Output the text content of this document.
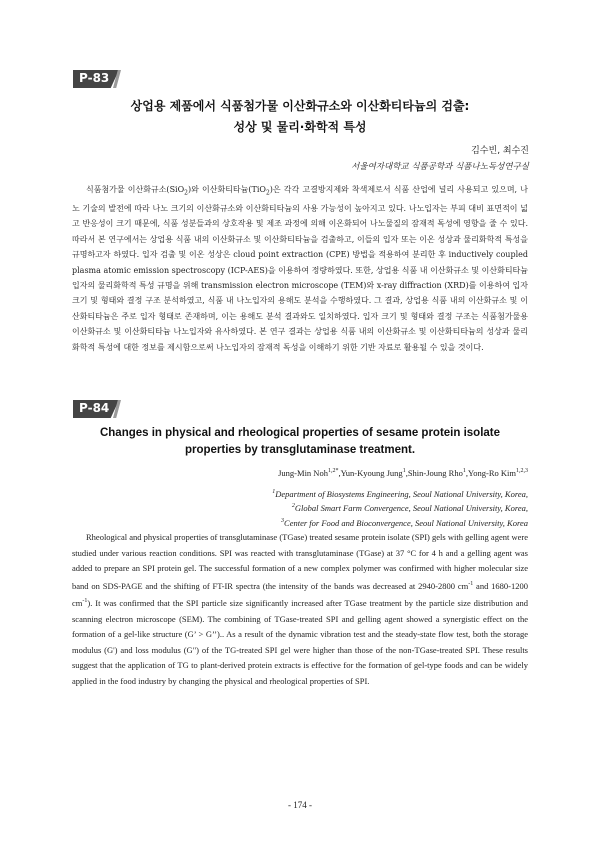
P-83
상업용 제품에서 식품첨가물 이산화규소와 이산화티타늄의 검출:
성상 및 물리·화학적 특성
김수빈, 최수진
서울여자대학교 식품공학과 식품나노독성연구실

식품첨가물 이산화규소(SiO$_2$)와 이산화티타늄(TiO$_2$)은 각각 고결방지제와 착색제로서 식품 산업에 널리 사용되고 있으며, 나노 기술의 발전에 따라 나노 크기의 이산화규소와 이산화티타늄의 사용 가능성이 높아지고 있다. 나노입자는 부피 대비 표면적이 넓고 반응성이 크기 때문에, 식품 성분들과의 상호작용 및 제조 과정에 의해 이온화되어 나노물질의 잠재적 독성에 영향을 줄 수 있다. 따라서 본 연구에서는 상업용 식품 내의 이산화규소 및 이산화티타늄을 검출하고, 이들의 입자 또는 이온 성상과 물리화학적 특성을 규명하고자 하였다. 입자 검출 및 이온 성상은 cloud point extraction (CPE) 방법을 적용하여 분리한 후 inductively coupled plasma atomic emission spectroscopy (ICP-AES)을 이용하여 정량하였다. 또한, 상업용 식품 내 이산화규소 및 이산화티타늄 입자의 물리화학적 특성 규명을 위해 transmission electron microscope (TEM)와 x-ray diffraction (XRD)를 이용하여 입자 크기 및 형태와 결정 구조 분석하였고, 식품 내 나노입자의 용해도 분석을 수행하였다. 그 결과, 상업용 식품 내의 이산화규소 및 이산화티타늄은 주로 입자 형태로 존재하며, 이는 용해도 분석 결과와도 일치하였다. 입자 크기 및 형태와 결정 구조는 식품첨가물용 이산화규소 및 이산화티타늄 나노입자와 유사하였다. 본 연구 결과는 상업용 식품 내의 이산화규소 및 이산화티타늄의 성상과 물리화학적 특성에 대한 정보를 제시함으로써 나노입자의 잠재적 독성을 이해하기 위한 기반 자료로 활용될 수 있을 것이다.

P-84
Changes in physical and rheological properties of sesame protein isolate
properties by transglutaminase treatment.
Jung-Min Noh$^{1,2*}$,Yun-Kyoung Jung$^1$,Shin-Joung Rho$^1$,Yong-Ro Kim$^{1,2,3}$
$^1$Department of Biosystems Engineering, Seoul National University, Korea,
$^2$Global Smart Farm Convergence, Seoul National University, Korea,
$^3$Center for Food and Bioconvergence, Seoul National University, Korea

Rheological and physical properties of transglutaminase (TGase) treated sesame protein isolate (SPI) gels with gelling agent were studied under various reaction conditions. SPI was reacted with transglutaminase (TGase) at 37 °C for 4 h and a gelling agent was added to prepare an SPI protein gel. The successful formation of a new complex polymer was confirmed with higher molecular size band on SDS-PAGE and the shifting of FT-IR spectra (the intensity of the bands was decreased at 2940-2800 $cm^{-1}$ and 1680-1200 $cm^{-1}$). It was confirmed that the SPI particle size significantly increased after TGase treatment by the particle size distribution and scanning electron microscope (SEM). The combining of TGase-treated SPI and gelling agent showed a synergistic effect on the formation of a gel-like structure (G’ > G’’).. As a result of the dynamic vibration test and the steady-state flow test, both the storage modulus (G') and loss modulus (G") of the TG-treated SPI gel were higher than those of the non-TGase-treated SPI. These results suggest that the application of TG to plant-derived protein extracts is effective for the formation of gel-type foods and can be widely applied in the food industry by changing the physical and rheological properties of SPI.

- 174 -
